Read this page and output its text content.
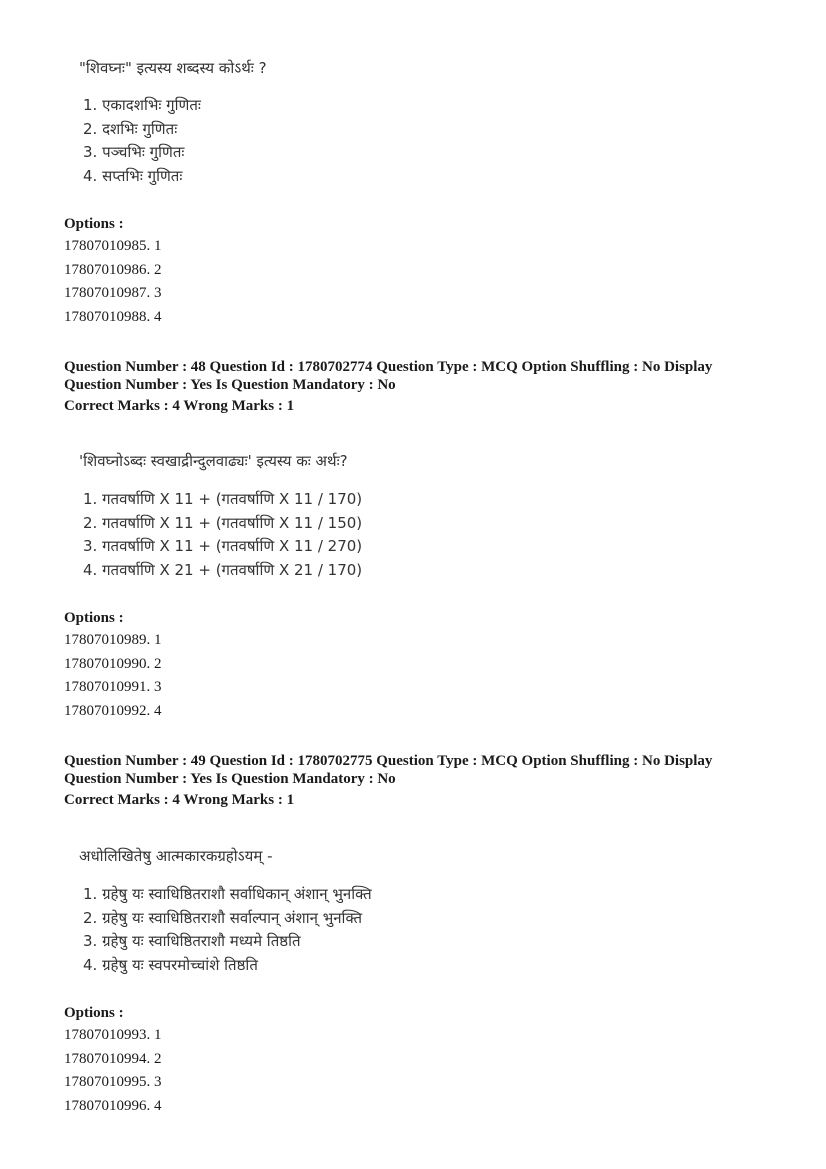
"शिवघ्नः" इत्यस्य शब्दस्य कोऽर्थः ?
1. एकादशभिः गुणितः
2. दशभिः गुणितः
3. पञ्चभिः गुणितः
4. सप्तभिः गुणितः
Options :
17807010985. 1
17807010986. 2
17807010987. 3
17807010988. 4
Question Number : 48 Question Id : 1780702774 Question Type : MCQ Option Shuffling : No Display
Question Number : Yes Is Question Mandatory : No
Correct Marks : 4 Wrong Marks : 1
'शिवघ्नोऽब्दः स्वखाद्रीन्दुलवाढ्यः' इत्यस्य कः अर्थः?
1. गतवर्षाणि X 11 + (गतवर्षाणि X 11 / 170)
2. गतवर्षाणि X 11 + (गतवर्षाणि X 11 / 150)
3. गतवर्षाणि X 11 + (गतवर्षाणि X 11 / 270)
4. गतवर्षाणि X 21 + (गतवर्षाणि X 21 / 170)
Options :
17807010989. 1
17807010990. 2
17807010991. 3
17807010992. 4
Question Number : 49 Question Id : 1780702775 Question Type : MCQ Option Shuffling : No Display
Question Number : Yes Is Question Mandatory : No
Correct Marks : 4 Wrong Marks : 1
अधोलिखितेषु आत्मकारकग्रहोऽयम् -
1. ग्रहेषु यः स्वाधिष्ठितराशौ सर्वाधिकान् अंशान् भुनक्ति
2. ग्रहेषु यः स्वाधिष्ठितराशौ सर्वाल्पान् अंशान् भुनक्ति
3. ग्रहेषु यः स्वाधिष्ठितराशौ मध्यमे तिष्ठति
4. ग्रहेषु यः स्वपरमोच्चांशे तिष्ठति
Options :
17807010993. 1
17807010994. 2
17807010995. 3
17807010996. 4
